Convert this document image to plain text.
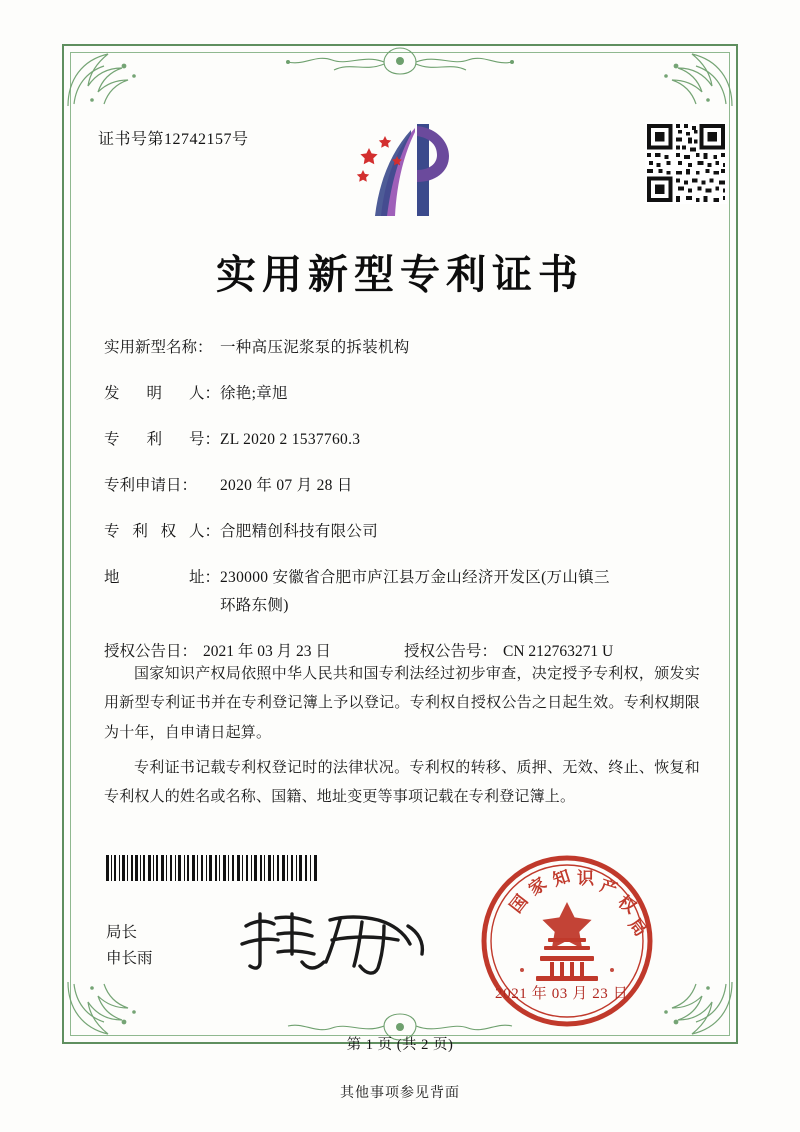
证书号第12742157号
实用新型专利证书
实用新型名称： 一种高压泥浆泵的拆装机构
发 明 人： 徐艳;章旭
专 利 号： ZL 2020 2 1537760.3
专利申请日： 2020 年 07 月 28 日
专 利 权 人： 合肥精创科技有限公司
地	址： 230000 安徽省合肥市庐江县万金山经济开发区(万山镇三
环路东侧)
授权公告日： 2021 年 03 月 23 日	授权公告号： CN 212763271 U

国家知识产权局依照中华人民共和国专利法经过初步审查，决定授予专利权，颁发实用新型专利证书并在专利登记簿上予以登记。专利权自授权公告之日起生效。专利权期限为十年，自申请日起算。

专利证书记载专利权登记时的法律状况。专利权的转移、质押、无效、终止、恢复和专利权人的姓名或名称、国籍、地址变更等事项记载在专利登记簿上。

局长
申长雨
国
家 知 识 产
权
局
2021 年 03 月 23 日
第 1 页 (共 2 页)
其他事项参见背面
